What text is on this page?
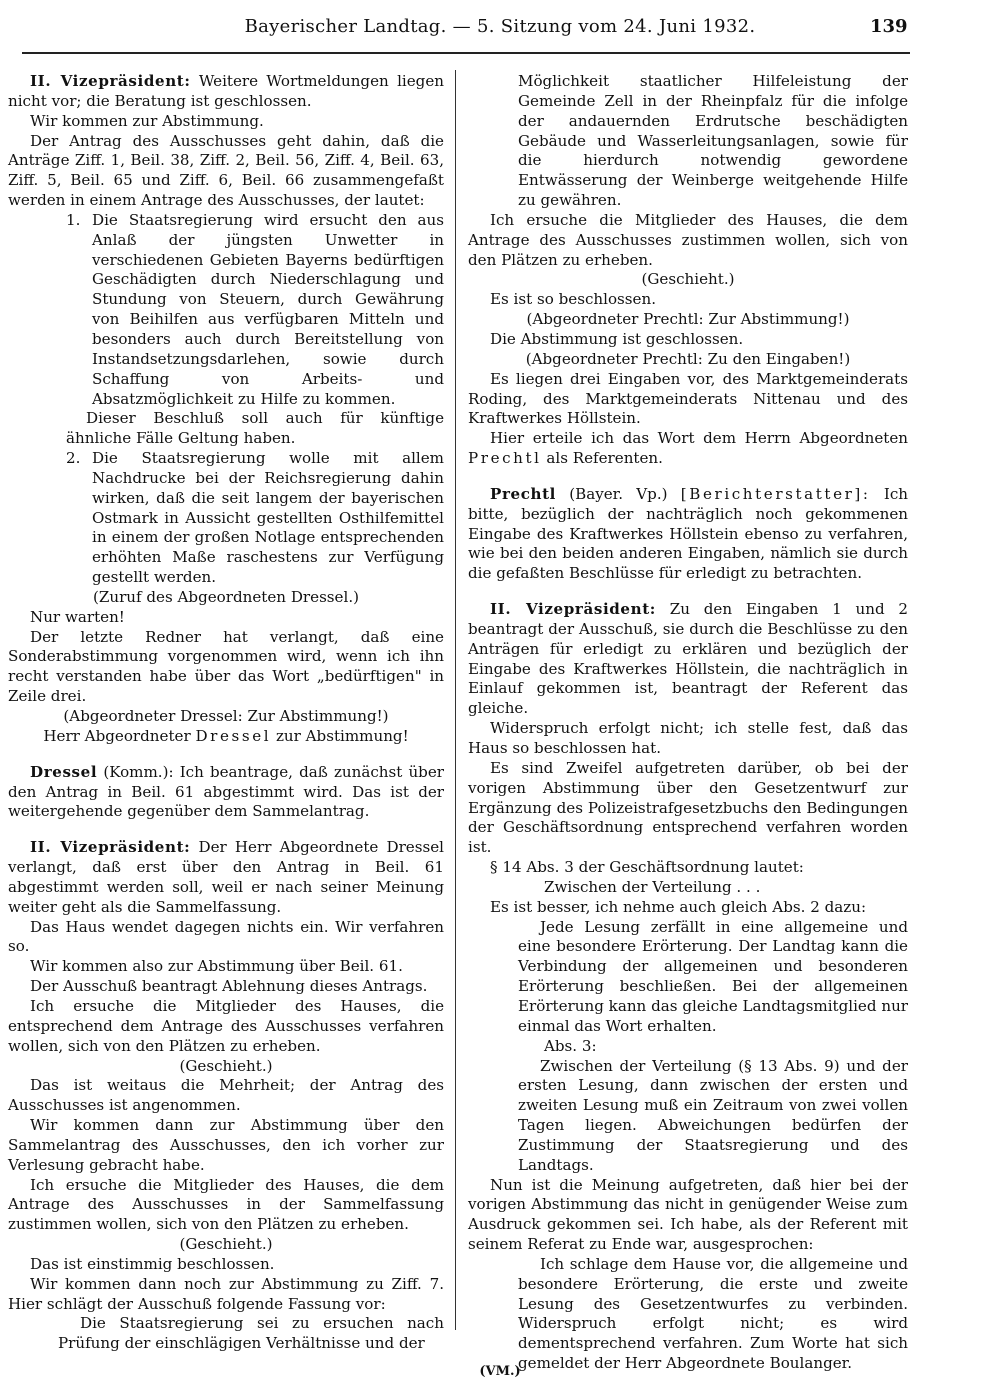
Bayerischer Landtag. — 5. Sitzung vom 24. Juni 1932.	139

II. Vizepräsident: Weitere Wortmeldungen liegen nicht vor; die Beratung ist geschlossen.

Wir kommen zur Abstimmung.

Der Antrag des Ausschusses geht dahin, daß die Anträge Ziff. 1, Beil. 38, Ziff. 2, Beil. 56, Ziff. 4, Beil. 63, Ziff. 5, Beil. 65 und Ziff. 6, Beil. 66 zusammengefaßt werden in einem Antrage des Ausschusses, der lautet:

1. Die Staatsregierung wird ersucht den aus Anlaß der jüngsten Unwetter in verschiedenen Gebieten Bayerns bedürftigen Geschädigten durch Niederschlagung und Stundung von Steuern, durch Gewährung von Beihilfen aus verfügbaren Mitteln und besonders auch durch Bereitstellung von Instandsetzungsdarlehen, sowie durch Schaffung von Arbeits- und Absatzmöglichkeit zu Hilfe zu kommen.

Dieser Beschluß soll auch für künftige ähnliche Fälle Geltung haben.

2. Die Staatsregierung wolle mit allem Nachdrucke bei der Reichsregierung dahin wirken, daß die seit langem der bayerischen Ostmark in Aussicht gestellten Osthilfemittel in einem der großen Notlage entsprechenden erhöhten Maße raschestens zur Verfügung gestellt werden.

(Zuruf des Abgeordneten Dressel.)

Nur warten!

Der letzte Redner hat verlangt, daß eine Sonderabstimmung vorgenommen wird, wenn ich ihn recht verstanden habe über das Wort „bedürftigen" in Zeile drei.

(Abgeordneter Dressel: Zur Abstimmung!)

Herr Abgeordneter Dressel zur Abstimmung!

Dressel (Komm.): Ich beantrage, daß zunächst über den Antrag in Beil. 61 abgestimmt wird. Das ist der weitergehende gegenüber dem Sammelantrag.

II. Vizepräsident: Der Herr Abgeordnete Dressel verlangt, daß erst über den Antrag in Beil. 61 abgestimmt werden soll, weil er nach seiner Meinung weiter geht als die Sammelfassung.

Das Haus wendet dagegen nichts ein. Wir verfahren so.

Wir kommen also zur Abstimmung über Beil. 61.

Der Ausschuß beantragt Ablehnung dieses Antrags.

Ich ersuche die Mitglieder des Hauses, die entsprechend dem Antrage des Ausschusses verfahren wollen, sich von den Plätzen zu erheben.

(Geschieht.)

Das ist weitaus die Mehrheit; der Antrag des Ausschusses ist angenommen.

Wir kommen dann zur Abstimmung über den Sammelantrag des Ausschusses, den ich vorher zur Verlesung gebracht habe.

Ich ersuche die Mitglieder des Hauses, die dem Antrage des Ausschusses in der Sammelfassung zustimmen wollen, sich von den Plätzen zu erheben.

(Geschieht.)

Das ist einstimmig beschlossen.

Wir kommen dann noch zur Abstimmung zu Ziff. 7. Hier schlägt der Ausschuß folgende Fassung vor:

Die Staatsregierung sei zu ersuchen nach Prüfung der einschlägigen Verhältnisse und der

Möglichkeit staatlicher Hilfeleistung der Gemeinde Zell in der Rheinpfalz für die infolge der andauernden Erdrutsche beschädigten Gebäude und Wasserleitungsanlagen, sowie für die hierdurch notwendig gewordene Entwässerung der Weinberge weitgehende Hilfe zu gewähren.

Ich ersuche die Mitglieder des Hauses, die dem Antrage des Ausschusses zustimmen wollen, sich von den Plätzen zu erheben.

(Geschieht.)

Es ist so beschlossen.

(Abgeordneter Prechtl: Zur Abstimmung!)

Die Abstimmung ist geschlossen.

(Abgeordneter Prechtl: Zu den Eingaben!)

Es liegen drei Eingaben vor, des Marktgemeinderats Roding, des Marktgemeinderats Nittenau und des Kraftwerkes Höllstein.

Hier erteile ich das Wort dem Herrn Abgeordneten Prechtl als Referenten.

Prechtl (Bayer. Vp.) [Berichterstatter]: Ich bitte, bezüglich der nachträglich noch gekommenen Eingabe des Kraftwerkes Höllstein ebenso zu verfahren, wie bei den beiden anderen Eingaben, nämlich sie durch die gefaßten Beschlüsse für erledigt zu betrachten.

II. Vizepräsident: Zu den Eingaben 1 und 2 beantragt der Ausschuß, sie durch die Beschlüsse zu den Anträgen für erledigt zu erklären und bezüglich der Eingabe des Kraftwerkes Höllstein, die nachträglich in Einlauf gekommen ist, beantragt der Referent das gleiche.

Widerspruch erfolgt nicht; ich stelle fest, daß das Haus so beschlossen hat.

Es sind Zweifel aufgetreten darüber, ob bei der vorigen Abstimmung über den Gesetzentwurf zur Ergänzung des Polizeistrafgesetzbuchs den Bedingungen der Geschäftsordnung entsprechend verfahren worden ist.

§ 14 Abs. 3 der Geschäftsordnung lautet:

Zwischen der Verteilung . . .

Es ist besser, ich nehme auch gleich Abs. 2 dazu:

Jede Lesung zerfällt in eine allgemeine und eine besondere Erörterung. Der Landtag kann die Verbindung der allgemeinen und besonderen Erörterung beschließen. Bei der allgemeinen Erörterung kann das gleiche Landtagsmitglied nur einmal das Wort erhalten.

Abs. 3:

Zwischen der Verteilung (§ 13 Abs. 9) und der ersten Lesung, dann zwischen der ersten und zweiten Lesung muß ein Zeitraum von zwei vollen Tagen liegen. Abweichungen bedürfen der Zustimmung der Staatsregierung und des Landtags.

Nun ist die Meinung aufgetreten, daß hier bei der vorigen Abstimmung das nicht in genügender Weise zum Ausdruck gekommen sei. Ich habe, als der Referent mit seinem Referat zu Ende war, ausgesprochen:

Ich schlage dem Hause vor, die allgemeine und besondere Erörterung, die erste und zweite Lesung des Gesetzentwurfes zu verbinden. Widerspruch erfolgt nicht; es wird dementsprechend verfahren. Zum Worte hat sich gemeldet der Herr Abgeordnete Boulanger.

(VM.)
